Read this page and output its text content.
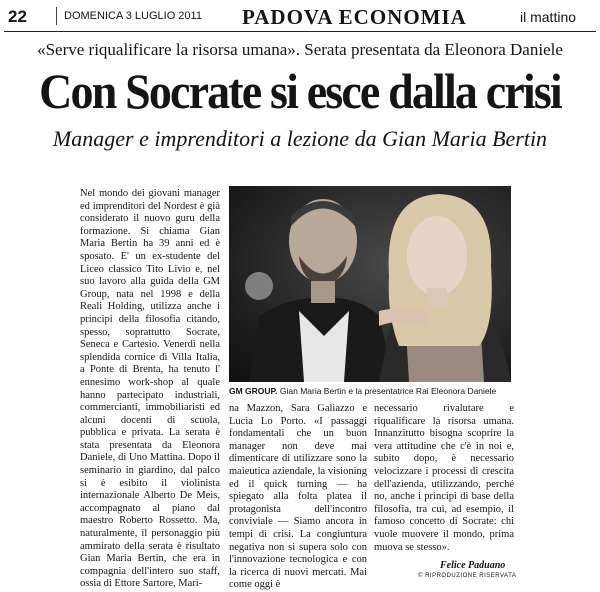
22	DOMENICA 3 LUGLIO 2011 PADOVA ECONOMIA	il mattino
«Serve riqualificare la risorsa umana». Serata presentata da Eleonora Daniele
Con Socrate si esce dalla crisi
Manager e imprenditori a lezione da Gian Maria Bertin
GM GROUP. Gian Maria Bertin e la presentatrice Rai Eleonora Daniele

Nel mondo dei giovani manager ed imprenditori del Nordest è già considerato il nuovo guru della formazione. Si chiama Gian Maria Bertin ha 39 anni ed è sposato. E' un ex-studente del Liceo classico Tito Livio e, nel suo lavoro alla guida della GM Group, nata nel 1998 e della Reali Holding, utilizza anche i principi della filosofia citando, spesso, soprattutto Socrate, Seneca e Cartesio. Venerdì nella splendida cornice di Villa Italia, a Ponte di Brenta, ha tenuto l' ennesimo work-shop al quale hanno partecipato industriali, commercianti, immobiliaristi ed alcuni docenti di scuola, pubblica e privata. La serata è stata presentata da Eleonora Daniele, di Uno Mattina. Dopo il seminario in giardino, dal palco si è esibito il violinista internazionale Alberto De Meis, accompagnato al piano dal maestro Roberto Rossetto. Ma, naturalmente, il personaggio più ammirato della serata è risultato Gian Maria Bertin, che era in compagnia dell'intero suo staff, ossia di Ettore Sartore, Mari-

na Mazzon, Sara Galiazzo e Lucia Lo Porto. «I passaggi fondamentali che un buon manager non deve mai dimenticare di utilizzare sono la maieutica aziendale, la visioning ed il quick turning — ha spiegato alla folta platea il protagonista dell'incontro conviviale — Siamo ancora in tempi di crisi. La congiuntura negativa non si supera solo con l'innovazione tecnologica e con la ricerca di nuovi mercati. Mai come oggi è

necessario rivalutare e riqualificare la risorsa umana. Innanzitutto bisogna scoprire la vera attitudine che c'è in noi e, subito dopo, è necessario velocizzare i processi di crescita dell'azienda, utilizzando, perché no, anche i principi di base della filosofia, tra cui, ad esempio, il famoso concetto di Socrate: chi vuole muovere il mondo, prima muova se stesso».

Felice Paduano
© RIPRODUZIONE RISERVATA
